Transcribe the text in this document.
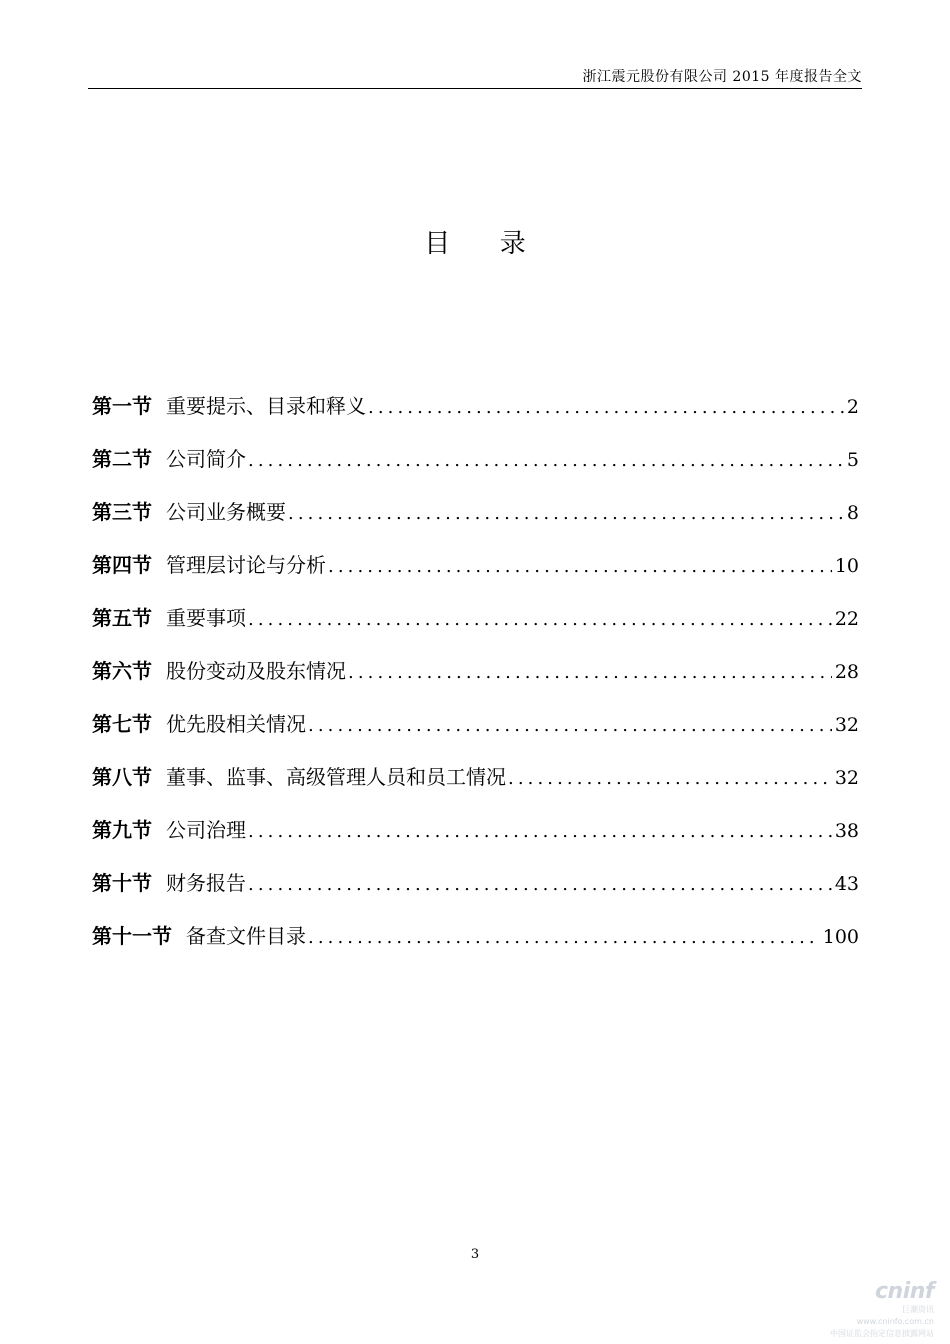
浙江震元股份有限公司 2015 年度报告全文
目      录
第一节 重要提示、目录和释义 .....	2
第二节 公司简介 .....	5
第三节 公司业务概要 .....	8
第四节 管理层讨论与分析 .....	10
第五节 重要事项 .....	22
第六节 股份变动及股东情况 .....	28
第七节 优先股相关情况 .....	32
第八节 董事、监事、高级管理人员和员工情况 .....	32
第九节 公司治理 .....	38
第十节 财务报告 .....	43
第十一节 备查文件目录 .....	100
3
cninf
巨潮资讯
www.cninfo.com.cn
中国证监会指定信息披露网站
